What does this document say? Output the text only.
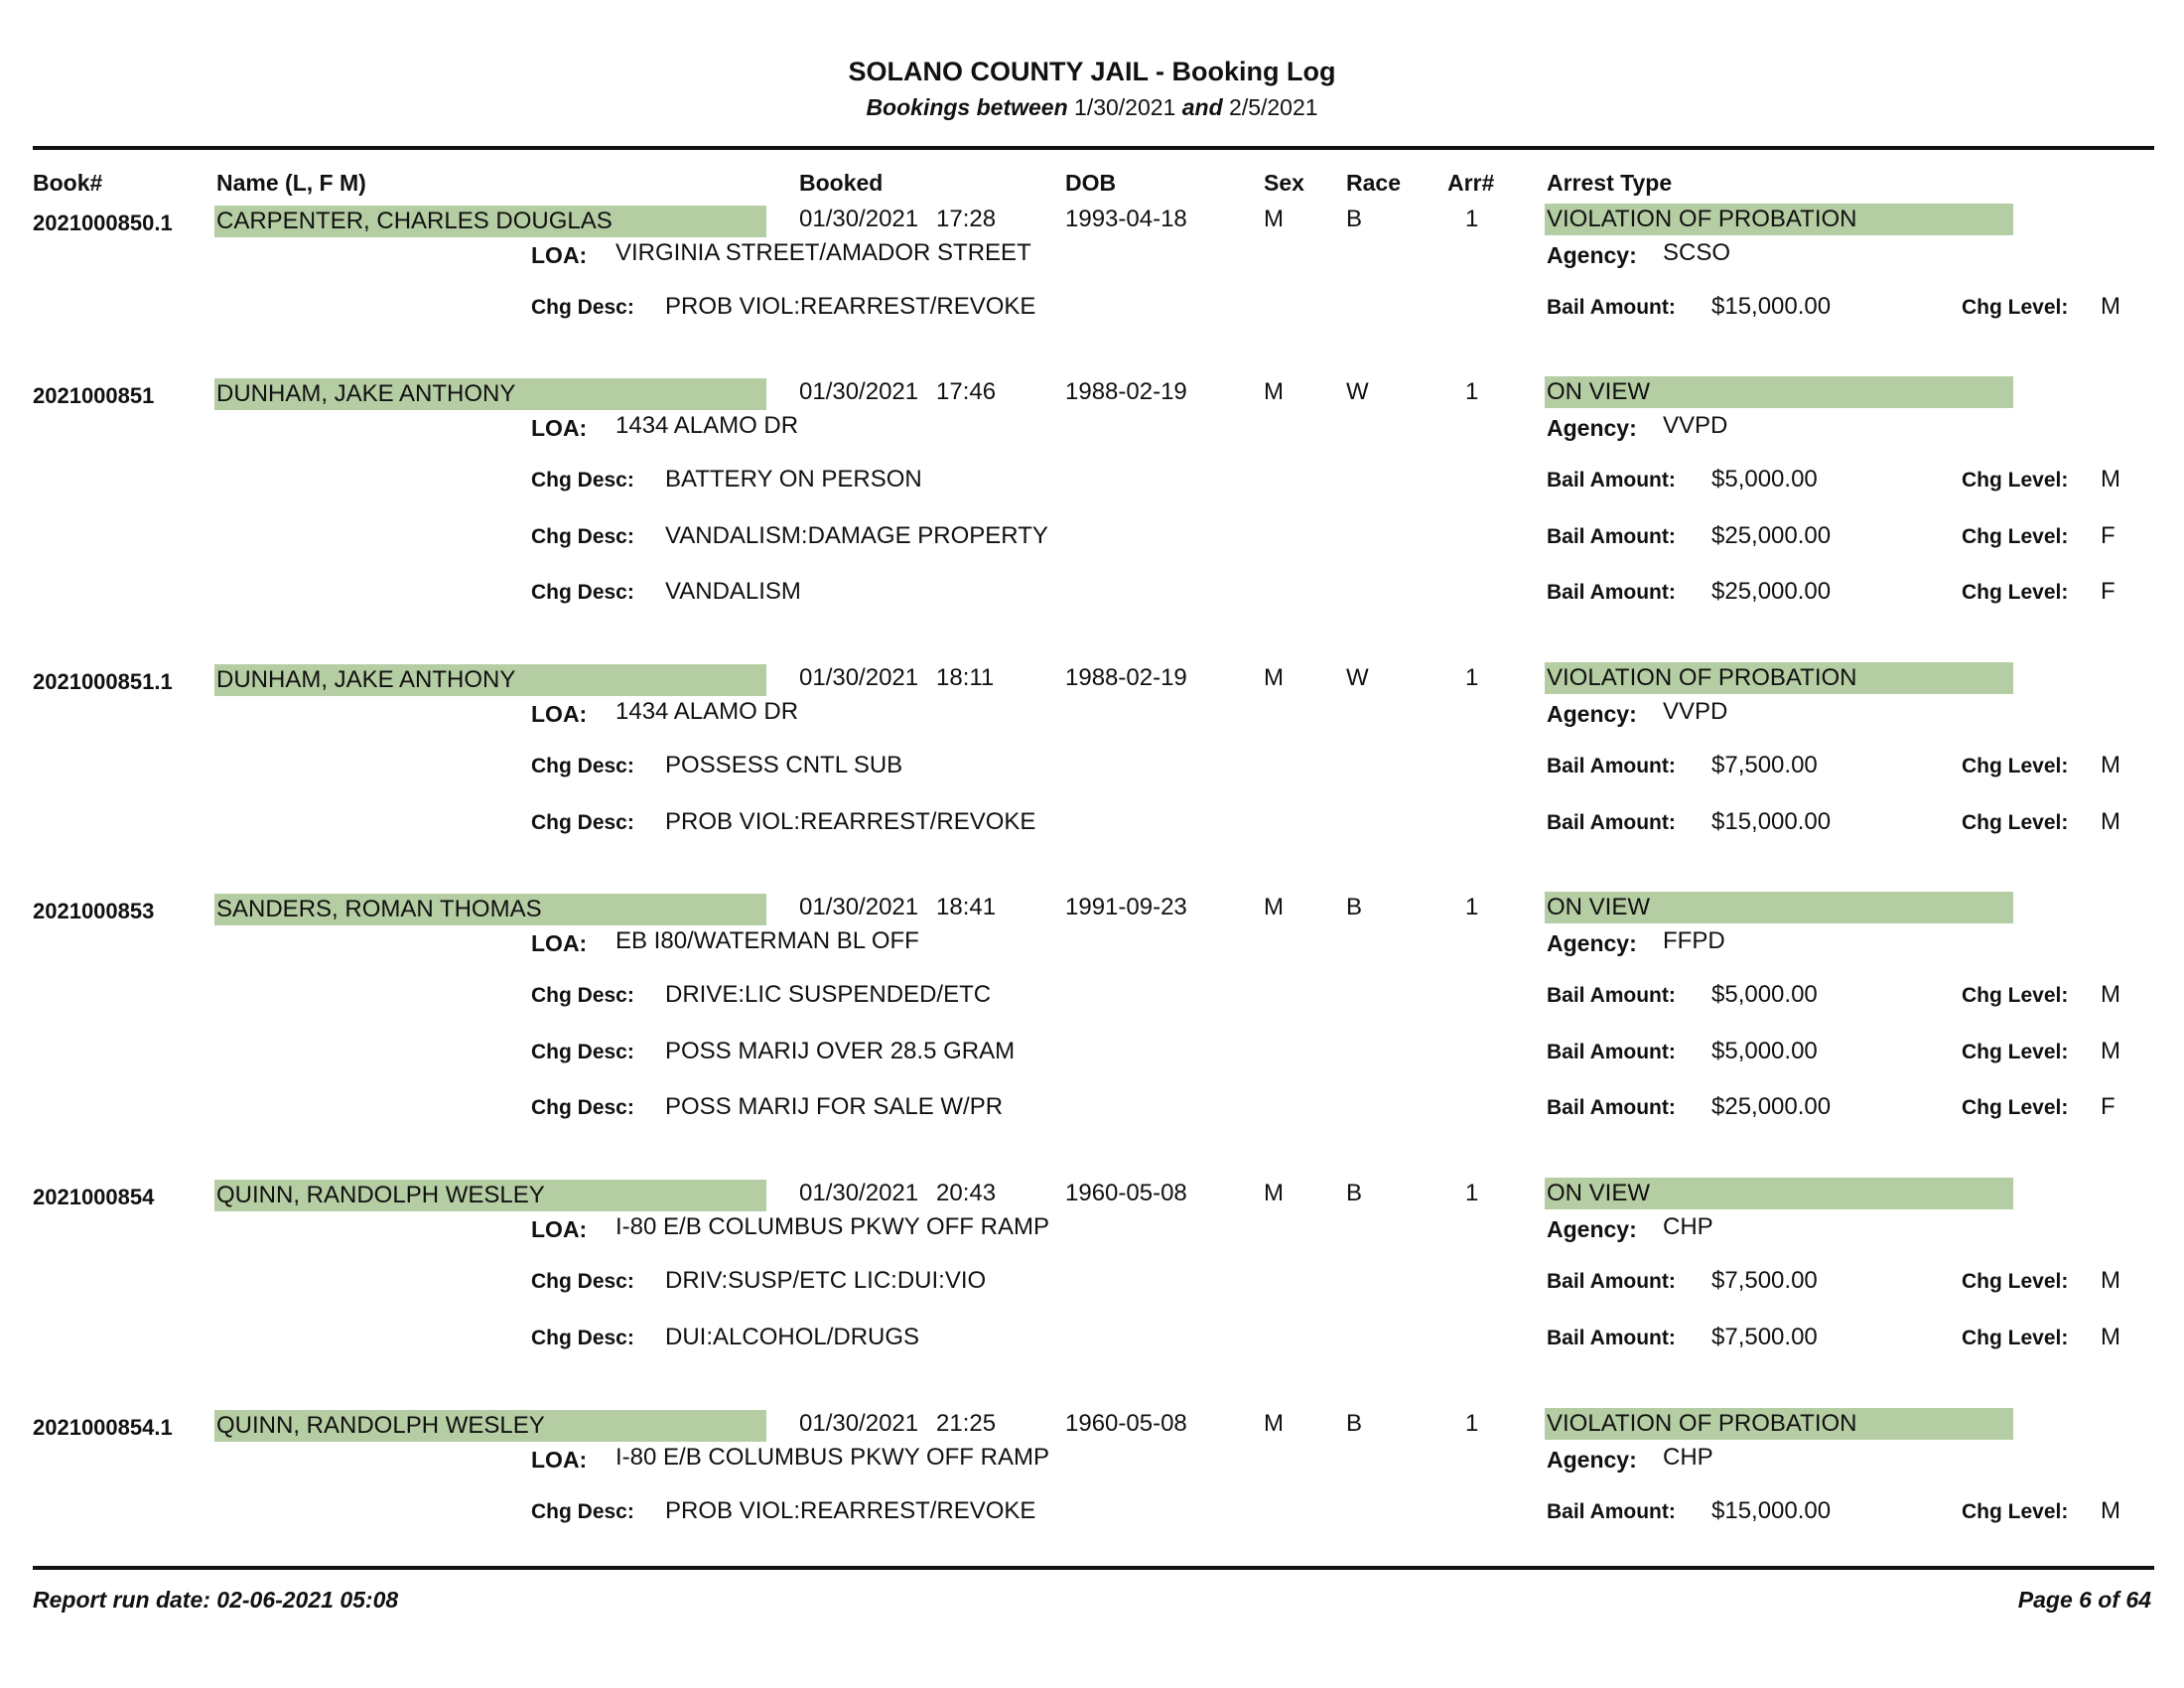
SOLANO COUNTY JAIL - Booking Log
Bookings between 1/30/2021 and 2/5/2021
Book#	Name (L, F M)	Booked	DOB	Sex Race Arr# Arrest Type
2021000850.1 CARPENTER, CHARLES DOUGLAS	01/30/2021 17:28	1993-04-18	M	B	1	VIOLATION OF PROBATION
LOA: VIRGINIA STREET/AMADOR STREET	Agency: SCSO
Chg Desc: PROB VIOL:REARREST/REVOKE	Bail Amount: $15,000.00	Chg Level: M
2021000851	DUNHAM, JAKE ANTHONY	01/30/2021 17:46	1988-02-19	M	W	1	ON VIEW
LOA: 1434 ALAMO DR	Agency: VVPD
Chg Desc: BATTERY ON PERSON	Bail Amount: $5,000.00	Chg Level: M
Chg Desc: VANDALISM:DAMAGE PROPERTY	Bail Amount: $25,000.00	Chg Level: F
Chg Desc: VANDALISM	Bail Amount: $25,000.00	Chg Level: F
2021000851.1 DUNHAM, JAKE ANTHONY	01/30/2021 18:11	1988-02-19	M	W	1	VIOLATION OF PROBATION
LOA: 1434 ALAMO DR	Agency: VVPD
Chg Desc: POSSESS CNTL SUB	Bail Amount: $7,500.00	Chg Level: M
Chg Desc: PROB VIOL:REARREST/REVOKE	Bail Amount: $15,000.00	Chg Level: M
2021000853	SANDERS, ROMAN THOMAS	01/30/2021 18:41	1991-09-23	M	B	1	ON VIEW
LOA: EB I80/WATERMAN BL OFF	Agency: FFPD
Chg Desc: DRIVE:LIC SUSPENDED/ETC	Bail Amount: $5,000.00	Chg Level: M
Chg Desc: POSS MARIJ OVER 28.5 GRAM	Bail Amount: $5,000.00	Chg Level: M
Chg Desc: POSS MARIJ FOR SALE W/PR	Bail Amount: $25,000.00	Chg Level: F
2021000854	QUINN, RANDOLPH WESLEY	01/30/2021 20:43	1960-05-08	M	B	1	ON VIEW
LOA: I-80 E/B COLUMBUS PKWY OFF RAMP	Agency: CHP
Chg Desc: DRIV:SUSP/ETC LIC:DUI:VIO	Bail Amount: $7,500.00	Chg Level: M
Chg Desc: DUI:ALCOHOL/DRUGS	Bail Amount: $7,500.00	Chg Level: M
2021000854.1 QUINN, RANDOLPH WESLEY	01/30/2021 21:25	1960-05-08	M	B	1	VIOLATION OF PROBATION
LOA: I-80 E/B COLUMBUS PKWY OFF RAMP	Agency: CHP
Chg Desc: PROB VIOL:REARREST/REVOKE	Bail Amount: $15,000.00	Chg Level: M
Report run date: 02-06-2021 05:08	Page 6 of 64
